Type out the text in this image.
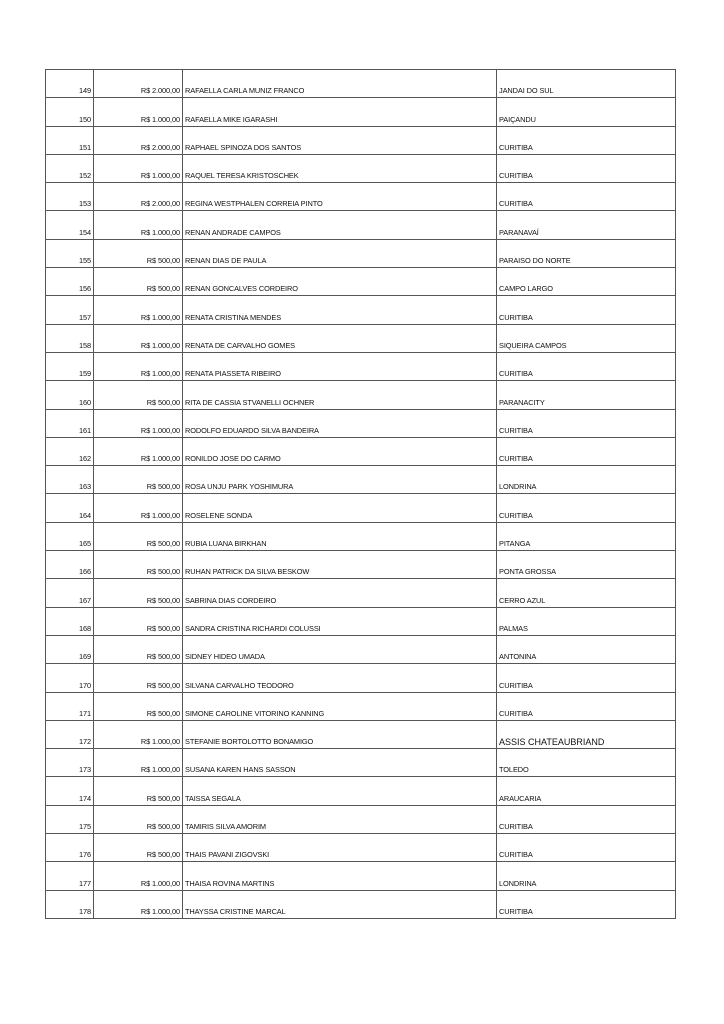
149	R$ 2.000,00	RAFAELLA CARLA MUNIZ FRANCO	JANDAI DO SUL
150	R$ 1.000,00	RAFAELLA MIKE IGARASHI	PAIÇANDU
151	R$ 2.000,00	RAPHAEL SPINOZA DOS SANTOS	CURITIBA
152	R$ 1.000,00	RAQUEL TERESA KRISTOSCHEK	CURITIBA
153	R$ 2.000,00	REGINA WESTPHALEN CORREIA PINTO	CURITIBA
154	R$ 1.000,00	RENAN ANDRADE CAMPOS	PARANAVAÍ
155	R$ 500,00	RENAN DIAS DE PAULA	PARAISO DO NORTE
156	R$ 500,00	RENAN GONCALVES CORDEIRO	CAMPO LARGO
157	R$ 1.000,00	RENATA CRISTINA MENDES	CURITIBA
158	R$ 1.000,00	RENATA DE CARVALHO GOMES	SIQUEIRA CAMPOS
159	R$ 1.000,00	RENATA PIASSETA RIBEIRO	CURITIBA
160	R$ 500,00	RITA DE CASSIA STVANELLI OCHNER	PARANACITY
161	R$ 1.000,00	RODOLFO EDUARDO SILVA BANDEIRA	CURITIBA
162	R$ 1.000,00	RONILDO JOSE DO CARMO	CURITIBA
163	R$ 500,00	ROSA UNJU PARK YOSHIMURA	LONDRINA
164	R$ 1.000,00	ROSELENE SONDA	CURITIBA
165	R$ 500,00	RUBIA LUANA BIRKHAN	PITANGA
166	R$ 500,00	RUHAN PATRICK DA SILVA BESKOW	PONTA GROSSA
167	R$ 500,00	SABRINA DIAS CORDEIRO	CERRO AZUL
168	R$ 500,00	SANDRA CRISTINA RICHARDI COLUSSI	PALMAS
169	R$ 500,00	SIDNEY HIDEO UMADA	ANTONINA
170	R$ 500,00	SILVANA CARVALHO TEODORO	CURITIBA
171	R$ 500,00	SIMONE CAROLINE VITORINO KANNING	CURITIBA
172	R$ 1.000,00	STEFANIE BORTOLOTTO BONAMIGO	ASSIS CHATEAUBRIAND
173	R$ 1.000,00	SUSANA KAREN HANS SASSON	TOLEDO
174	R$ 500,00	TAISSA SEGALA	ARAUCARIA
175	R$ 500,00	TAMIRIS SILVA AMORIM	CURITIBA
176	R$ 500,00	THAIS PAVANI ZIGOVSKI	CURITIBA
177	R$ 1.000,00	THAISA ROVINA MARTINS	LONDRINA
178	R$ 1.000,00	THAYSSA CRISTINE MARCAL	CURITIBA
